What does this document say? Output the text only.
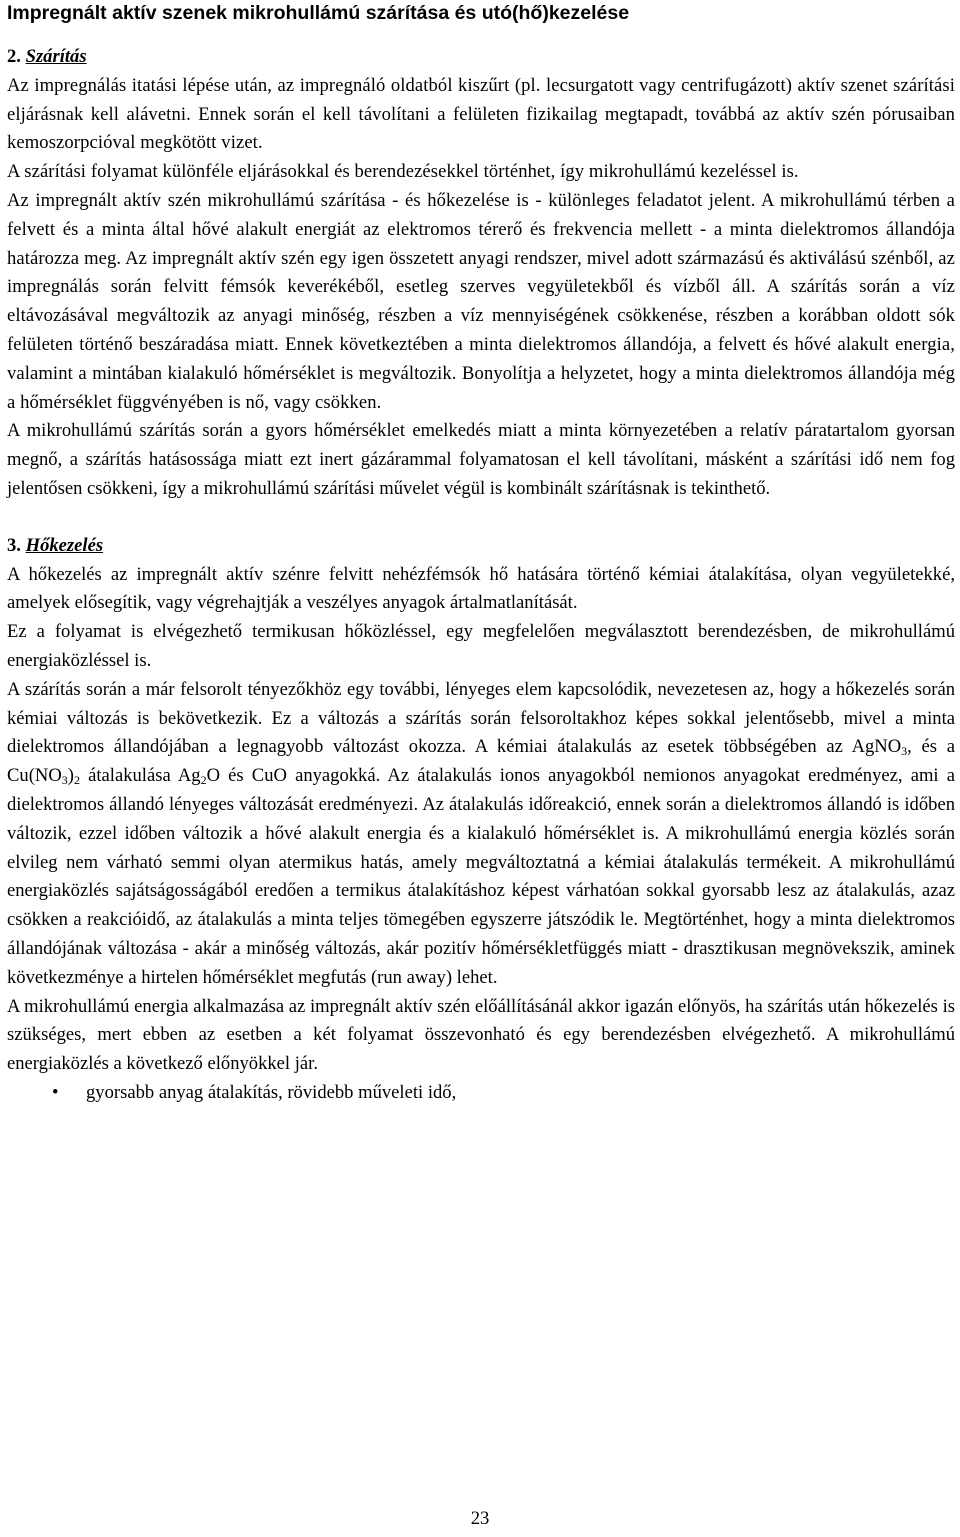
Impregnált aktív szenek mikrohullámú szárítása és utó(hő)kezelése
2. Szárítás

Az impregnálás itatási lépése után, az impregnáló oldatból kiszűrt (pl. lecsurgatott vagy centrifugázott) aktív szenet szárítási eljárásnak kell alávetni. Ennek során el kell távolítani a felületen fizikailag megtapadt, továbbá az aktív szén pórusaiban kemoszorpcióval megkötött vizet.

A szárítási folyamat különféle eljárásokkal és berendezésekkel történhet, így mikrohullámú kezeléssel is.

Az impregnált aktív szén mikrohullámú szárítása - és hőkezelése is - különleges feladatot jelent. A mikrohullámú térben a felvett és a minta által hővé alakult energiát az elektromos térerő és frekvencia mellett - a minta dielektromos állandója határozza meg. Az impregnált aktív szén egy igen összetett anyagi rendszer, mivel adott származású és aktiválású szénből, az impregnálás során felvitt fémsók keverékéből, esetleg szerves vegyületekből és vízből áll. A szárítás során a víz eltávozásával megváltozik az anyagi minőség, részben a víz mennyiségének csökkenése, részben a korábban oldott sók felületen történő beszáradása miatt. Ennek következtében a minta dielektromos állandója, a felvett és hővé alakult energia, valamint a mintában kialakuló hőmérséklet is megváltozik. Bonyolítja a helyzetet, hogy a minta dielektromos állandója még a hőmérséklet függvényében is nő, vagy csökken.

A mikrohullámú szárítás során a gyors hőmérséklet emelkedés miatt a minta környezetében a relatív páratartalom gyorsan megnő, a szárítás hatásossága miatt ezt inert gázárammal folyamatosan el kell távolítani, másként a szárítási idő nem fog jelentősen csökkeni, így a mikrohullámú szárítási művelet végül is kombinált szárításnak is tekinthető.

3. Hőkezelés

A hőkezelés az impregnált aktív szénre felvitt nehézfémsók hő hatására történő kémiai átalakítása, olyan vegyületekké, amelyek elősegítik, vagy végrehajtják a veszélyes anyagok ártalmatlanítását.

Ez a folyamat is elvégezhető termikusan hőközléssel, egy megfelelően megválasztott berendezésben, de mikrohullámú energiaközléssel is.

A szárítás során a már felsorolt tényezőkhöz egy további, lényeges elem kapcsolódik, nevezetesen az, hogy a hőkezelés során kémiai változás is bekövetkezik. Ez a változás a szárítás során felsoroltakhoz képes sokkal jelentősebb, mivel a minta dielektromos állandójában a legnagyobb változást okozza. A kémiai átalakulás az esetek többségében az AgNO$_3$, és a $Cu(NO_3)_2$ átalakulása $Ag_2O$ és CuO anyagokká. Az átalakulás ionos anyagokból nemionos anyagokat eredményez, ami a dielektromos állandó lényeges változását eredményezi. Az átalakulás időreakció, ennek során a dielektromos állandó is időben változik, ezzel időben változik a hővé alakult energia és a kialakuló hőmérséklet is. A mikrohullámú energia közlés során elvileg nem várható semmi olyan atermikus hatás, amely megváltoztatná a kémiai átalakulás termékeit. A mikrohullámú energiaközlés sajátságosságából eredően a termikus átalakításhoz képest várhatóan sokkal gyorsabb lesz az átalakulás, azaz csökken a reakcióidő, az átalakulás a minta teljes tömegében egyszerre játszódik le. Megtörténhet, hogy a minta dielektromos állandójának változása - akár a minőség változás, akár pozitív hőmérsékletfüggés miatt - drasztikusan megnövekszik, aminek következménye a hirtelen hőmérséklet megfutás (run away) lehet.

A mikrohullámú energia alkalmazása az impregnált aktív szén előállításánál akkor igazán előnyös, ha szárítás után hőkezelés is szükséges, mert ebben az esetben a két folyamat összevonható és egy berendezésben elvégezhető. A mikrohullámú energiaközlés a következő előnyökkel jár.

• gyorsabb anyag átalakítás, rövidebb műveleti idő,
23
